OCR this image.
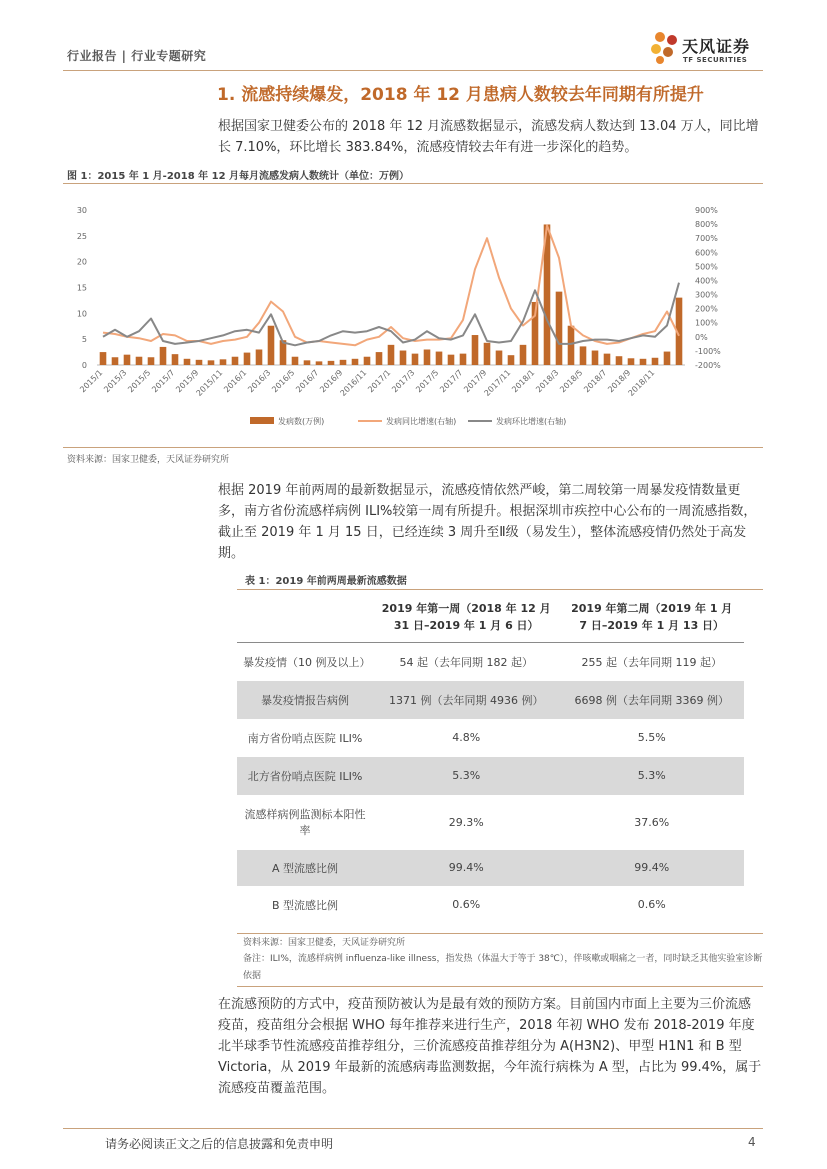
行业报告 | 行业专题研究	天风证券
TF SECURITIES
1. 流感持续爆发，2018 年 12 月患病人数较去年同期有所提升
根据国家卫健委公布的 2018 年 12 月流感数据显示，流感发病人数达到 13.04 万人，同比增长 7.10%，环比增长 383.84%，流感疫情较去年有进一步深化的趋势。
图 1：2015 年 1 月-2018 年 12 月每月流感发病人数统计（单位：万例）
0
5
10
15
20
25
30	900%
800%
700%
600%
500%
400%
300%
200%
100%
0%
-100%
-200%
2015/1
2015/3
2015/5
2015/7
2015/9
2015/11
2016/1
2016/3
2016/5
2016/7
2016/9
2016/11
2017/1
2017/3
2017/5
2017/7
2017/9
2017/11
2018/1
2018/3
2018/5
2018/7
2018/9
2018/11
发病数(万例)	发病同比增速(右轴)	发病环比增速(右轴)
资料来源：国家卫健委，天风证券研究所
根据 2019 年前两周的最新数据显示，流感疫情依然严峻，第二周较第一周暴发疫情数量更多，南方省份流感样病例 ILI%较第一周有所提升。根据深圳市疾控中心公布的一周流感指数，截止至 2019 年 1 月 15 日，已经连续 3 周升至Ⅱ级（易发生），整体流感疫情仍然处于高发期。
表 1：2019 年前两周最新流感数据
	2019 年第一周（2018 年 12 月31 日–2019 年 1 月 6 日）	2019 年第二周（2019 年 1 月 7 日–2019 年 1 月 13 日）
暴发疫情（10 例及以上）	54 起（去年同期 182 起）	255 起（去年同期 119 起）
暴发疫情报告病例	1371 例（去年同期 4936 例）	6698 例（去年同期 3369 例）
南方省份哨点医院 ILI%	4.8%	5.5%
北方省份哨点医院 ILI%	5.3%	5.3%
流感样病例监测标本阳性率	29.3%	37.6%
A 型流感比例	99.4%	99.4%
B 型流感比例	0.6%	0.6%
资料来源：国家卫健委，天风证券研究所
备注：ILI%，流感样病例 influenza-like illness，指发热（体温大于等于 38℃），伴咳嗽或咽痛之一者，同时缺乏其他实验室诊断依据
在流感预防的方式中，疫苗预防被认为是最有效的预防方案。目前国内市面上主要为三价流感疫苗，疫苗组分会根据 WHO 每年推荐来进行生产，2018 年初 WHO 发布 2018-2019 年度北半球季节性流感疫苗推荐组分，三价流感疫苗推荐组分为 A(H3N2)、甲型 H1N1 和 B 型 Victoria，从 2019 年最新的流感病毒监测数据，今年流行病株为 A 型，占比为 99.4%，属于流感疫苗覆盖范围。
请务必阅读正文之后的信息披露和免责申明	4
